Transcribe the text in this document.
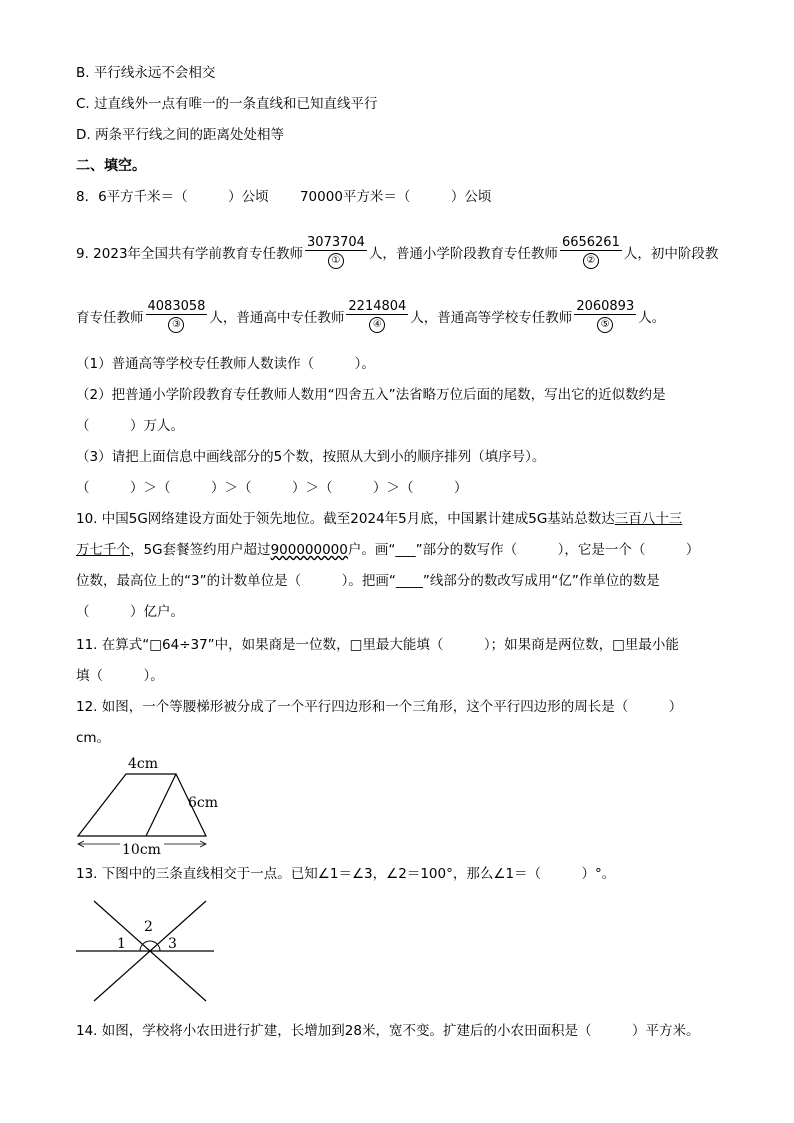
B. 平行线永远不会相交
C. 过直线外一点有唯一的一条直线和已知直线平行
D. 两条平行线之间的距离处处相等
二、填空。
8．6平方千米＝（　　　）公顷　　 70000平方米＝（　　　）公顷
9. 2023年全国共有学前教育专任教师 $\frac{3073704}{\text{①}}$ 人，普通小学阶段教育专任教师 $\frac{6656261}{\text{②}}$ 人，初中阶段教
育专任教师 $\frac{4083058}{\text{③}}$ 人，普通高中专任教师 $\frac{2214804}{\text{④}}$ 人，普通高等学校专任教师 $\frac{2060893}{\text{⑤}}$ 人。
（1）普通高等学校专任教师人数读作（　　　）。
（2）把普通小学阶段教育专任教师人数用“四舍五入”法省略万位后面的尾数，写出它的近似数约是
（　　　）万人。
（3）请把上面信息中画线部分的5个数，按照从大到小的顺序排列（填序号）。
（　　　）＞（　　　）＞（　　　）＞（　　　）＞（　　　）
10. 中国5G网络建设方面处于领先地位。截至2024年5月底，中国累计建成5G基站总数达三百八十三
万七千个，5G套餐签约用户超过900000000户。画“___”部分的数写作（　　　），它是一个（　　　）
位数，最高位上的“3”的计数单位是（　　　）。把画“____”线部分的数改写成用“亿”作单位的数是
（　　　）亿户。
11. 在算式“□64÷37”中，如果商是一位数，□里最大能填（　　　）；如果商是两位数，□里最小能
填（　　　）。
12. 如图，一个等腰梯形被分成了一个平行四边形和一个三角形，这个平行四边形的周长是（　　　）
cm。
4cm
6cm
10cm
13. 下图中的三条直线相交于一点。已知∠1＝∠3，∠2＝100°，那么∠1＝（　　　）°。
1
2
3
14. 如图，学校将小农田进行扩建，长增加到28米，宽不变。扩建后的小农田面积是（　　　）平方米。
